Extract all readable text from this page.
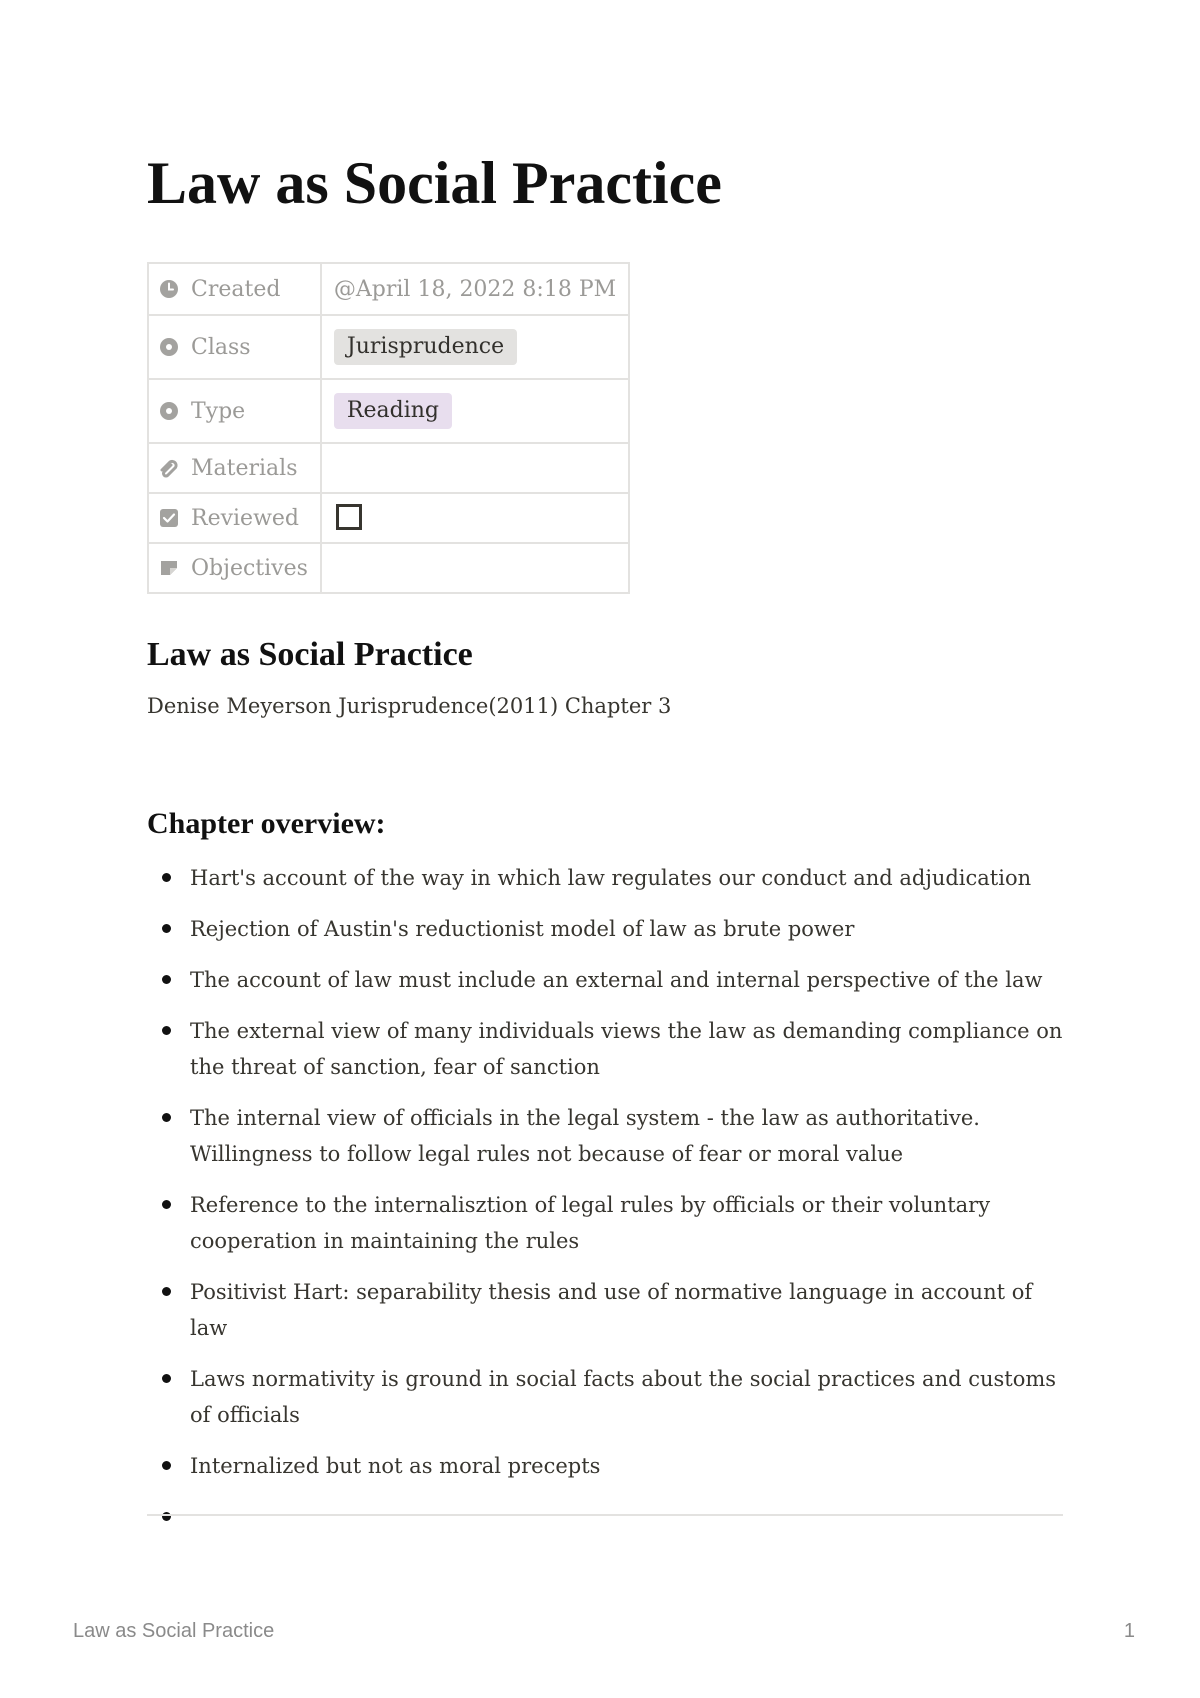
Law as Social Practice
Created	@April 18, 2022 8:18 PM

Class	Jurisprudence

Type	Reading

Materials	

Reviewed	

Objectives	
Law as Social Practice

Denise Meyerson Jurisprudence(2011) Chapter 3

Chapter overview:
Hart's account of the way in which law regulates our conduct and adjudication
Rejection of Austin's reductionist model of law as brute power
The account of law must include an external and internal perspective of the law
The external view of many individuals views the law as demanding compliance on the threat of sanction, fear of sanction
The internal view of officials in the legal system - the law as authoritative. Willingness to follow legal rules not because of fear or moral value
Reference to the internalisztion of legal rules by officials or their voluntary cooperation in maintaining the rules
Positivist Hart: separability thesis and use of normative language in account of law
Laws normativity is ground in social facts about the social practices and customs of officials
Internalized but not as moral precepts
Law as Social Practice	1
